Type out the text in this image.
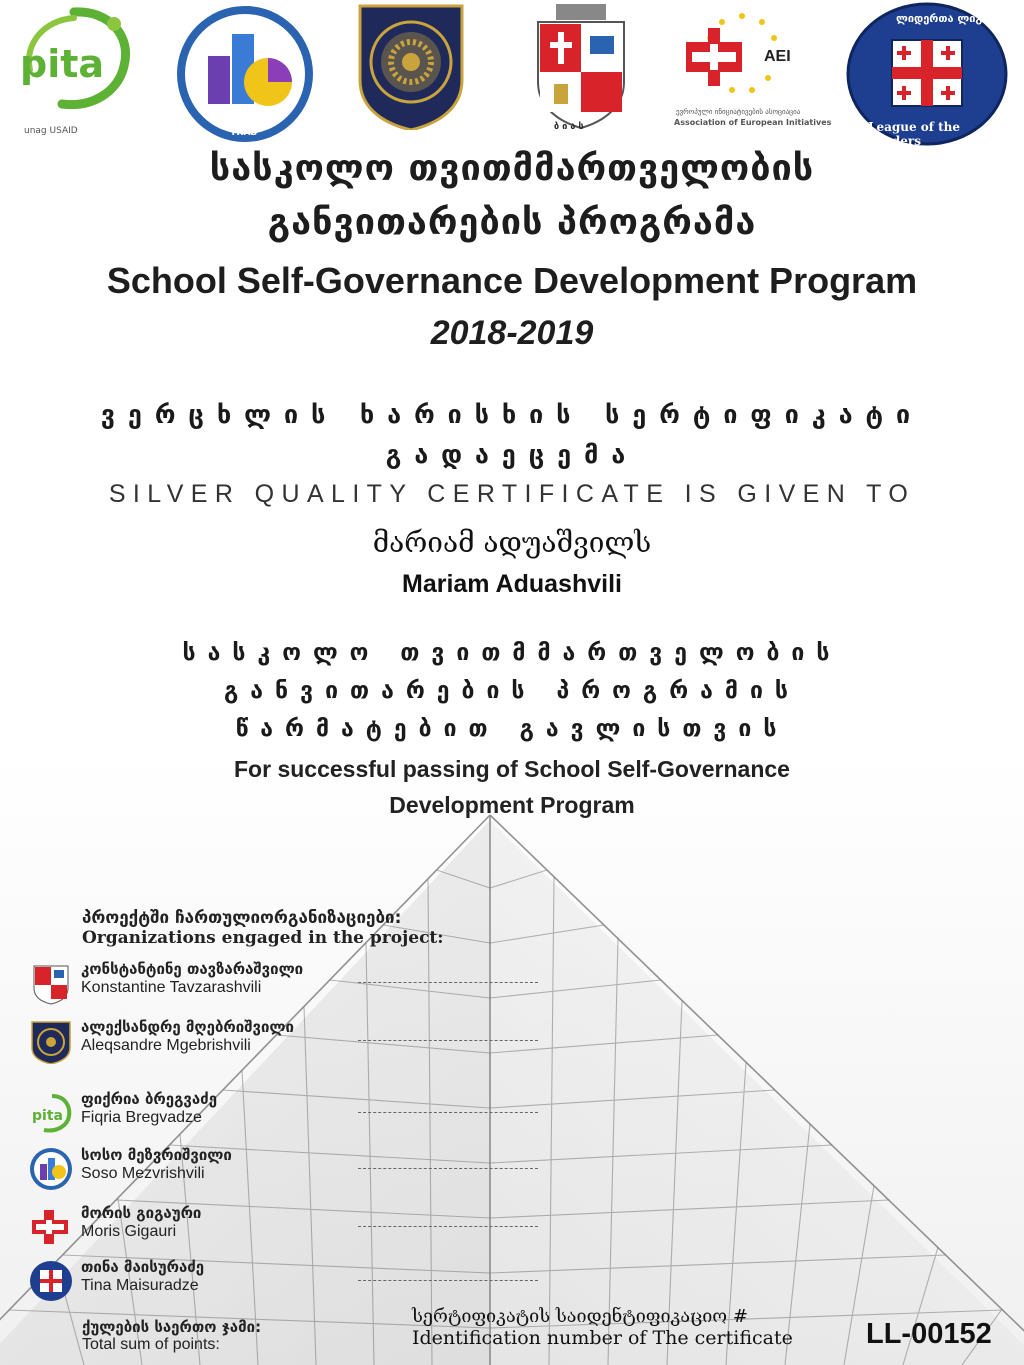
pita
unag USAID	YRAB
ბ ი ა ს
AEI
ევროპული ინიციატივების ასოციაცია
Association of European Initiatives
ლიდერთა ლიგა
League of the Leaders
სასკოლო თვითმმართველობის
განვითარების პროგრამა
School Self-Governance Development Program
2018-2019
ვერცხლის ხარისხის სერტიფიკატი
გადაეცემა
SILVER QUALITY CERTIFICATE IS GIVEN TO
მარიამ ადუაშვილს
Mariam Aduashvili
სასკოლო თვითმმართველობის
განვითარების პროგრამის
წარმატებით გავლისთვის
For successful passing of School Self-Governance
Development Program
პროექტში ჩართულიორგანიზაციები:
Organizations engaged in the project:
კონსტანტინე თავზარაშვილი
Konstantine Tavzarashvili
ალექსანდრე მღებრიშვილი
Aleqsandre Mgebrishvili
pita
ფიქრია ბრეგვაძე
Fiqria Bregvadze
სოსო მეზვრიშვილი
Soso Mezvrishvili
მორის გიგაური
Moris Gigauri
თინა მაისურაძე
Tina Maisuradze
ქულების საერთო ჯამი:
Total sum of points:
სერტიფიკატის საიდენტიფიკაციო #
Identification number of The certificate	LL-00152
